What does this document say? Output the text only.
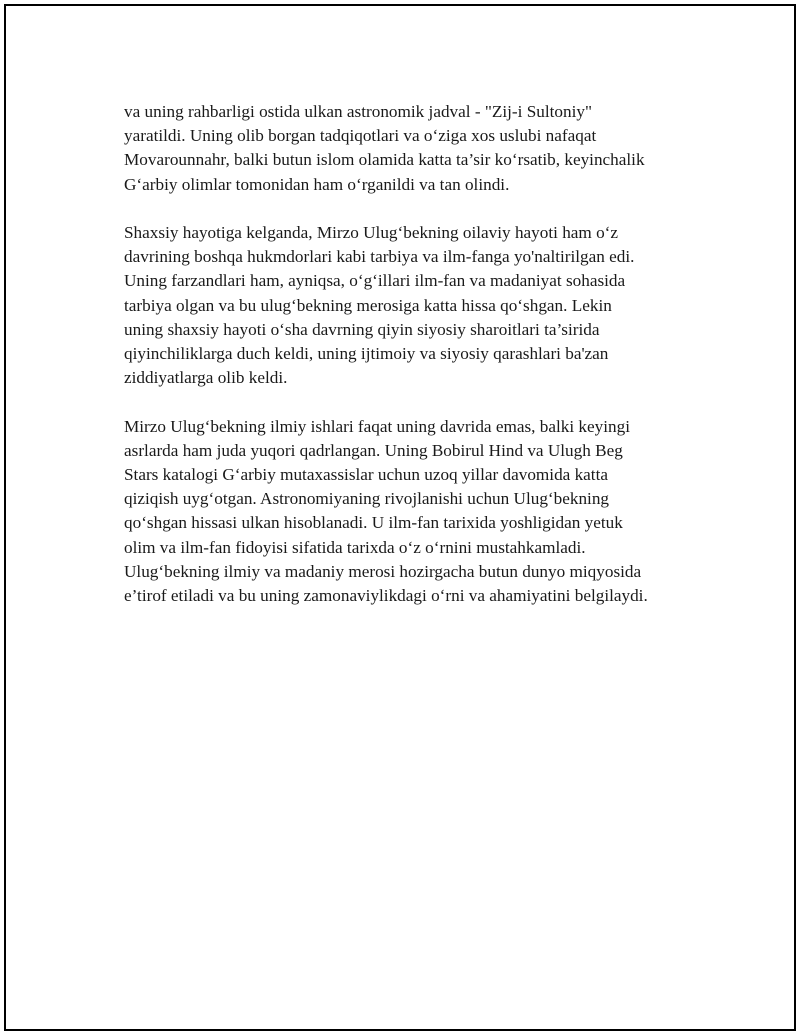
va uning rahbarligi ostida ulkan astronomik jadval - "Zij-i Sultoniy"
yaratildi. Uning olib borgan tadqiqotlari va o‘ziga xos uslubi nafaqat
Movarounnahr, balki butun islom olamida katta ta’sir ko‘rsatib, keyinchalik
G‘arbiy olimlar tomonidan ham o‘rganildi va tan olindi.

Shaxsiy hayotiga kelganda, Mirzo Ulug‘bekning oilaviy hayoti ham o‘z
davrining boshqa hukmdorlari kabi tarbiya va ilm-fanga yo'naltirilgan edi.
Uning farzandlari ham, ayniqsa, o‘g‘illari ilm-fan va madaniyat sohasida
tarbiya olgan va bu ulug‘bekning merosiga katta hissa qo‘shgan. Lekin
uning shaxsiy hayoti o‘sha davrning qiyin siyosiy sharoitlari ta’sirida
qiyinchiliklarga duch keldi, uning ijtimoiy va siyosiy qarashlari ba'zan
ziddiyatlarga olib keldi.

Mirzo Ulug‘bekning ilmiy ishlari faqat uning davrida emas, balki keyingi
asrlarda ham juda yuqori qadrlangan. Uning Bobirul Hind va Ulugh Beg
Stars katalogi G‘arbiy mutaxassislar uchun uzoq yillar davomida katta
qiziqish uyg‘otgan. Astronomiyaning rivojlanishi uchun Ulug‘bekning
qo‘shgan hissasi ulkan hisoblanadi. U ilm-fan tarixida yoshligidan yetuk
olim va ilm-fan fidoyisi sifatida tarixda o‘z o‘rnini mustahkamladi.
Ulug‘bekning ilmiy va madaniy merosi hozirgacha butun dunyo miqyosida
e’tirof etiladi va bu uning zamonaviylikdagi o‘rni va ahamiyatini belgilaydi.
